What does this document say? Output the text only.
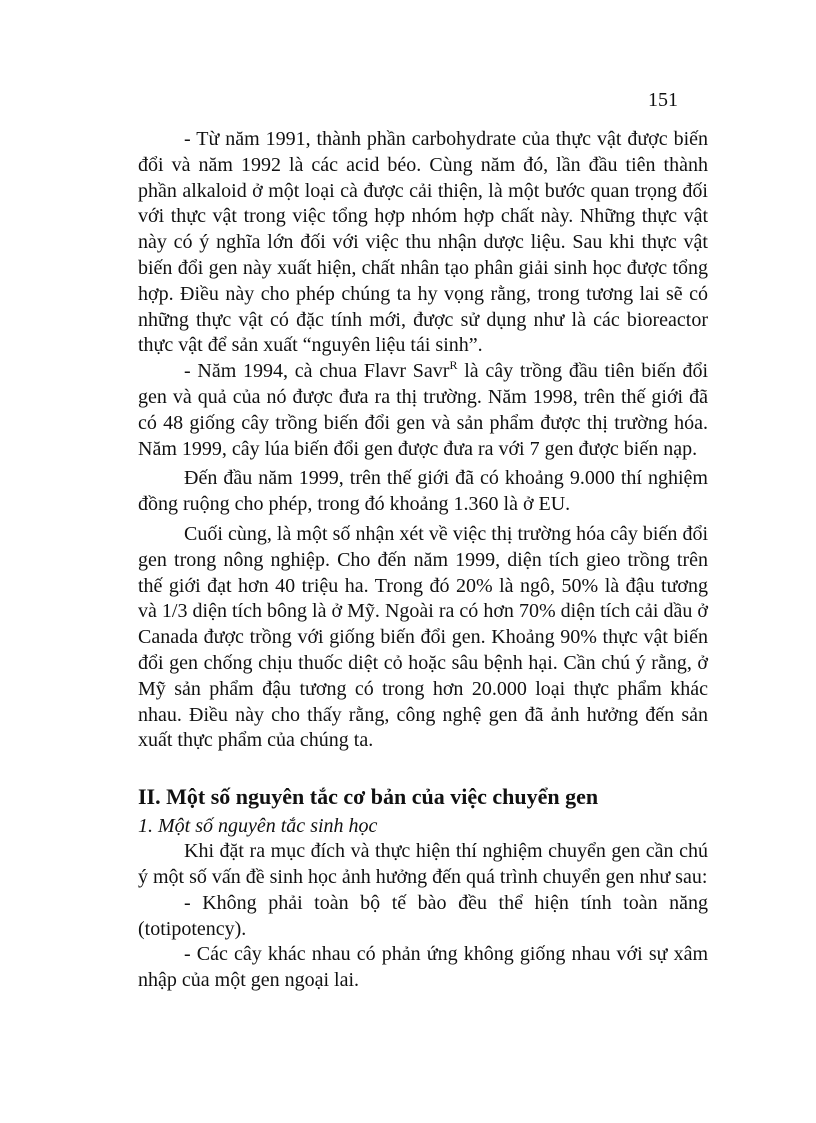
151

- Từ năm 1991, thành phần carbohydrate của thực vật được biến đổi và năm 1992 là các acid béo. Cùng năm đó, lần đầu tiên thành phần alkaloid ở một loại cà được cải thiện, là một bước quan trọng đối với thực vật trong việc tổng hợp nhóm hợp chất này. Những thực vật này có ý nghĩa lớn đối với việc thu nhận dược liệu. Sau khi thực vật biến đổi gen này xuất hiện, chất nhân tạo phân giải sinh học được tổng hợp. Điều này cho phép chúng ta hy vọng rằng, trong tương lai sẽ có những thực vật có đặc tính mới, được sử dụng như là các bioreactor thực vật để sản xuất “nguyên liệu tái sinh”.

- Năm 1994, cà chua Flavr Savr$^R$ là cây trồng đầu tiên biến đổi gen và quả của nó được đưa ra thị trường. Năm 1998, trên thế giới đã có 48 giống cây trồng biến đổi gen và sản phẩm được thị trường hóa. Năm 1999, cây lúa biến đổi gen được đưa ra với 7 gen được biến nạp.

Đến đầu năm 1999, trên thế giới đã có khoảng 9.000 thí nghiệm đồng ruộng cho phép, trong đó khoảng 1.360 là ở EU.

Cuối cùng, là một số nhận xét về việc thị trường hóa cây biến đổi gen trong nông nghiệp. Cho đến năm 1999, diện tích gieo trồng trên thế giới đạt hơn 40 triệu ha. Trong đó 20% là ngô, 50% là đậu tương và 1/3 diện tích bông là ở Mỹ. Ngoài ra có hơn 70% diện tích cải dầu ở Canada được trồng với giống biến đổi gen. Khoảng 90% thực vật biến đổi gen chống chịu thuốc diệt cỏ hoặc sâu bệnh hại. Cần chú ý rằng, ở Mỹ sản phẩm đậu tương có trong hơn 20.000 loại thực phẩm khác nhau. Điều này cho thấy rằng, công nghệ gen đã ảnh hưởng đến sản xuất thực phẩm của chúng ta.

II. Một số nguyên tắc cơ bản của việc chuyển gen
1. Một số nguyên tắc sinh học

Khi đặt ra mục đích và thực hiện thí nghiệm chuyển gen cần chú ý một số vấn đề sinh học ảnh hưởng đến quá trình chuyển gen như sau:

- Không phải toàn bộ tế bào đều thể hiện tính toàn năng (totipotency).

- Các cây khác nhau có phản ứng không giống nhau với sự xâm nhập của một gen ngoại lai.
